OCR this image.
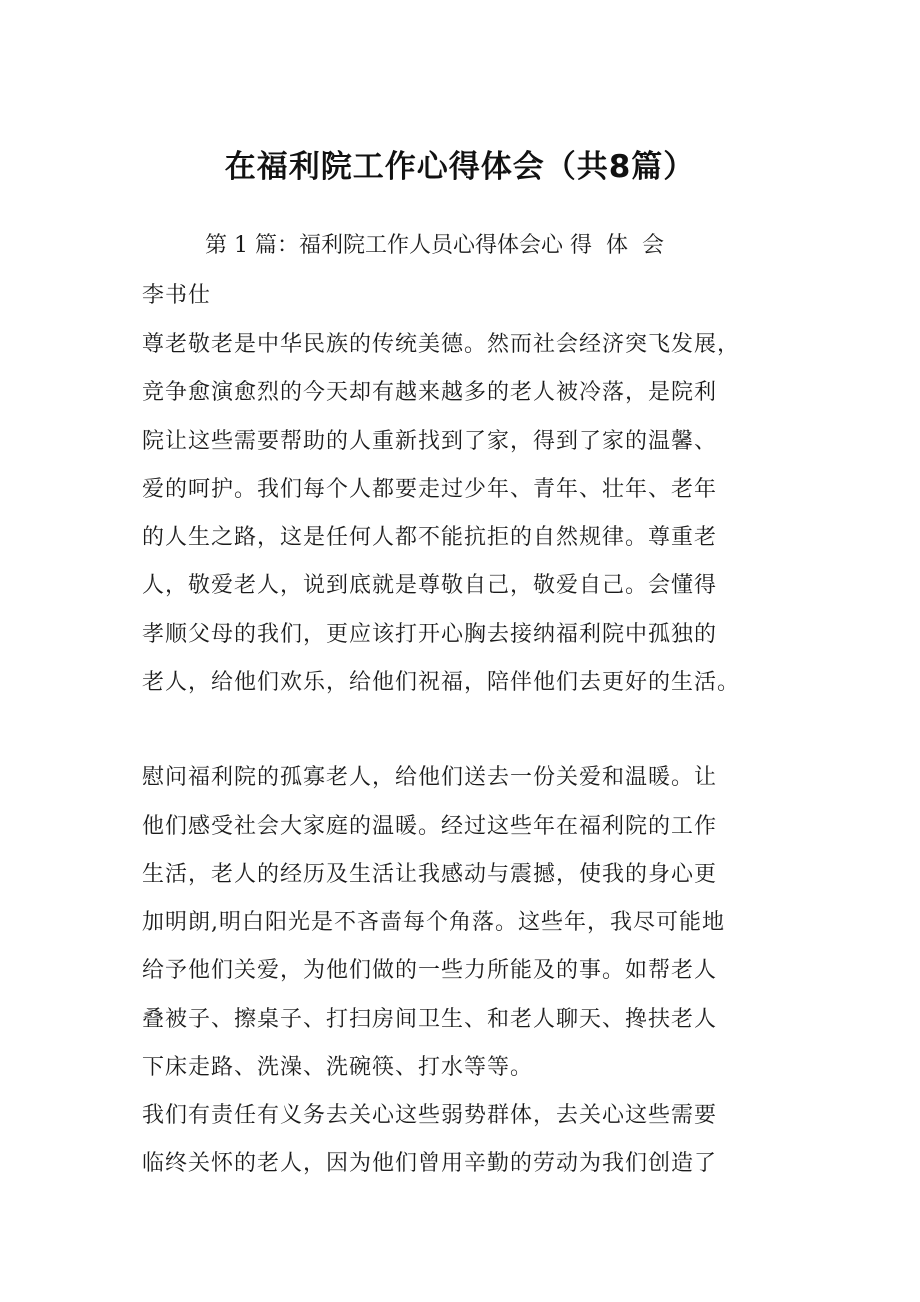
在福利院工作心得体会（共8篇）
第 1 篇：福利院工作人员心得体会心 得体会
李书仕
尊老敬老是中华民族的传统美德。然而社会经济突飞发展，
竞争愈演愈烈的今天却有越来越多的老人被冷落，是院利
院让这些需要帮助的人重新找到了家，得到了家的温馨、
爱的呵护。我们每个人都要走过少年、青年、壮年、老年
的人生之路，这是任何人都不能抗拒的自然规律。尊重老
人，敬爱老人，说到底就是尊敬自己，敬爱自己。会懂得
孝顺父母的我们，更应该打开心胸去接纳福利院中孤独的
老人，给他们欢乐，给他们祝福，陪伴他们去更好的生活。
慰问福利院的孤寡老人，给他们送去一份关爱和温暖。让
他们感受社会大家庭的温暖。经过这些年在福利院的工作
生活，老人的经历及生活让我感动与震撼，使我的身心更
加明朗,明白阳光是不吝啬每个角落。这些年，我尽可能地
给予他们关爱，为他们做的一些力所能及的事。如帮老人
叠被子、擦桌子、打扫房间卫生、和老人聊天、搀扶老人
下床走路、洗澡、洗碗筷、打水等等。
我们有责任有义务去关心这些弱势群体，去关心这些需要
临终关怀的老人，因为他们曾用辛勤的劳动为我们创造了
